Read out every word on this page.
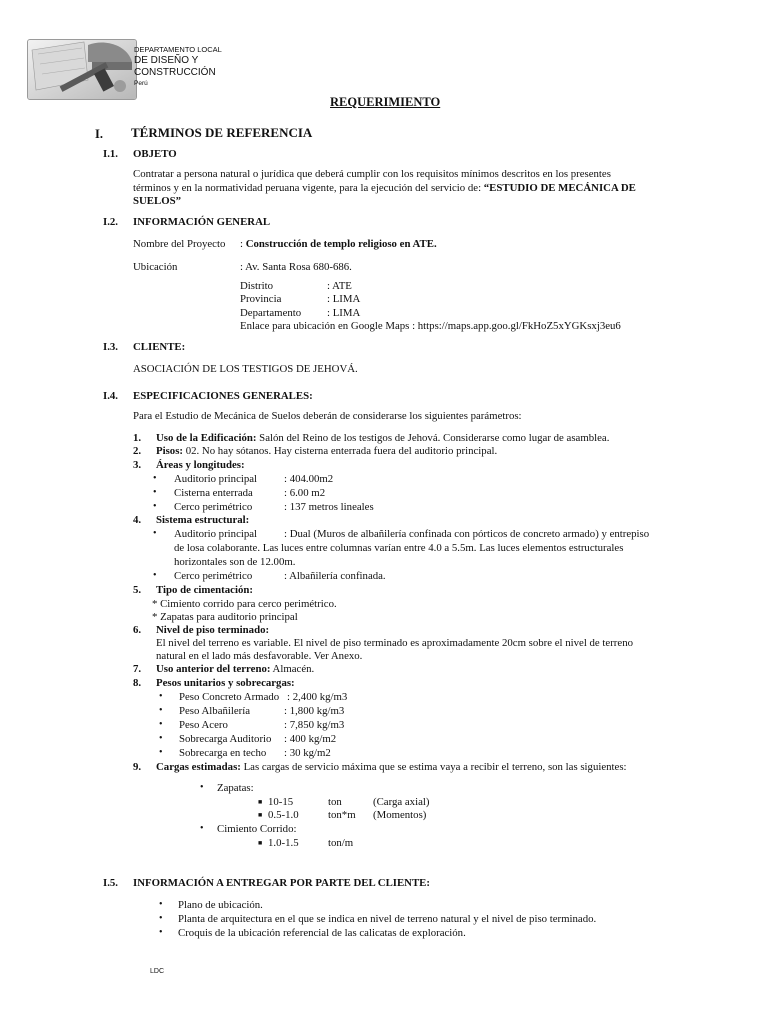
DEPARTAMENTO LOCAL
DE DISEÑO Y
CONSTRUCCIÓN
Perú
REQUERIMIENTO
I. TÉRMINOS DE REFERENCIA
I.1. OBJETO
Contratar a persona natural o jurídica que deberá cumplir con los requisitos mínimos descritos en los presentes
términos y en la normatividad peruana vigente, para la ejecución del servicio de: “ESTUDIO DE MECÁNICA DE
SUELOS”
I.2. INFORMACIÓN GENERAL
Nombre del Proyecto : Construcción de templo religioso en ATE.
Ubicación	: Av. Santa Rosa 680-686.
Distrito	: ATE
Provincia	: LIMA
Departamento : LIMA
Enlace para ubicación en Google Maps : https://maps.app.goo.gl/FkHoZ5xYGKsxj3eu6
I.3. CLIENTE:
ASOCIACIÓN DE LOS TESTIGOS DE JEHOVÁ.
I.4. ESPECIFICACIONES GENERALES:
Para el Estudio de Mecánica de Suelos deberán de considerarse los siguientes parámetros:
1. Uso de la Edificación: Salón del Reino de los testigos de Jehová. Considerarse como lugar de asamblea.
2. Pisos: 02. No hay sótanos. Hay cisterna enterrada fuera del auditorio principal.
3. Áreas y longitudes:
• Auditorio principal : 404.00m2
• Cisterna enterrada	: 6.00 m2
• Cerco perimétrico	: 137 metros lineales
4. Sistema estructural:
• Auditorio principal : Dual (Muros de albañilería confinada con pórticos de concreto armado) y entrepiso
de losa colaborante. Las luces entre columnas varían entre 4.0 a 5.5m. Las luces elementos estructurales
horizontales son de 12.00m.
• Cerco perimétrico	: Albañilería confinada.
5. Tipo de cimentación:
* Cimiento corrido para cerco perimétrico.
* Zapatas para auditorio principal
6. Nivel de piso terminado:
El nivel del terreno es variable. El nivel de piso terminado es aproximadamente 20cm sobre el nivel de terreno
natural en el lado más desfavorable. Ver Anexo.
7. Uso anterior del terreno: Almacén.
8. Pesos unitarios y sobrecargas:
• Peso Concreto Armado : 2,400 kg/m3
• Peso Albañilería	: 1,800 kg/m3
• Peso Acero	: 7,850 kg/m3
• Sobrecarga Auditorio : 400 kg/m2
• Sobrecarga en techo : 30 kg/m2
9. Cargas estimadas: Las cargas de servicio máxima que se estima vaya a recibir el terreno, son las siguientes:
• Zapatas:
■ 10-15	ton	(Carga axial)
■ 0.5-1.0	ton*m (Momentos)
• Cimiento Corrido:
■ 1.0-1.5	ton/m
I.5. INFORMACIÓN A ENTREGAR POR PARTE DEL CLIENTE:
• Plano de ubicación.
• Planta de arquitectura en el que se indica en nivel de terreno natural y el nivel de piso terminado.
• Croquis de la ubicación referencial de las calicatas de exploración.
LDC
